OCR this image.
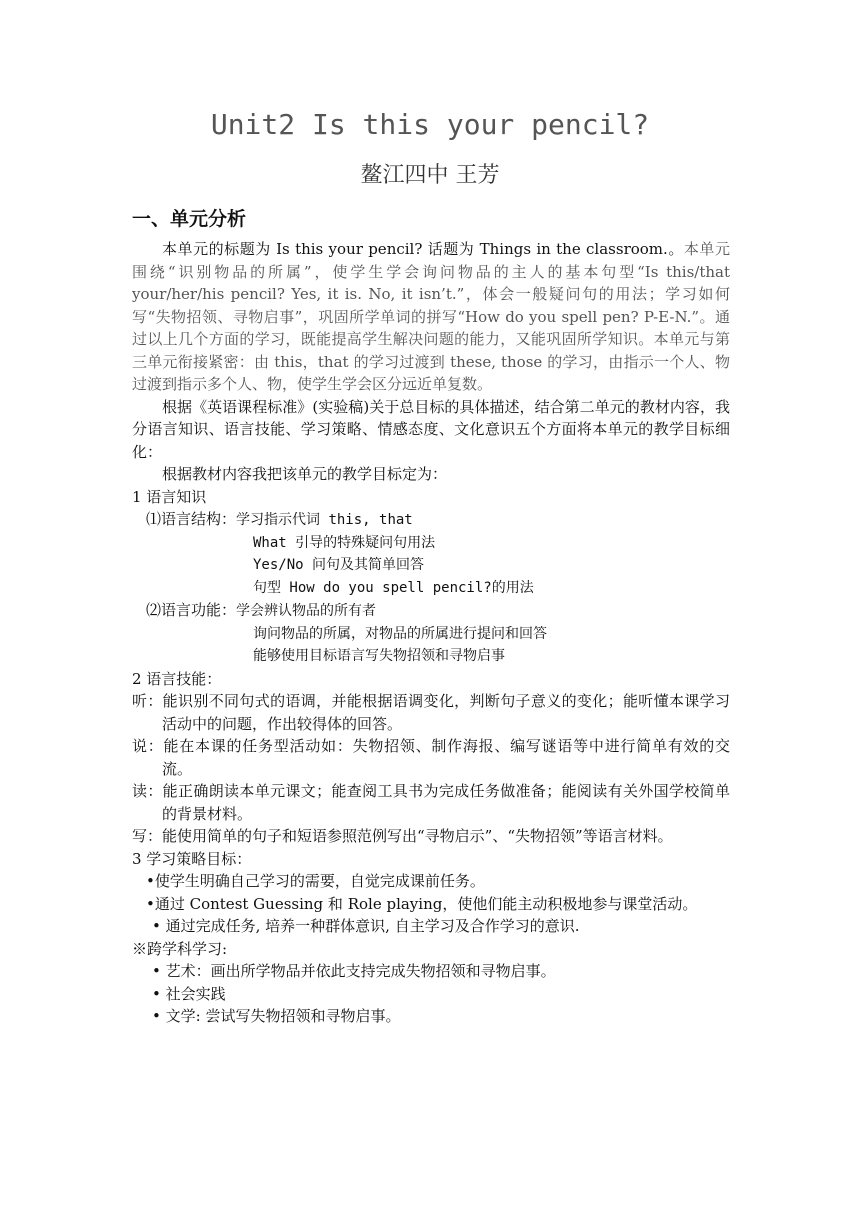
Unit2 Is this your pencil?
鳌江四中 王芳
一、单元分析

本单元的标题为 Is this your pencil? 话题为 Things in the classroom.。本单元围绕“识别物品的所属”，使学生学会询问物品的主人的基本句型“Is this/that your/her/his pencil? Yes, it is. No, it isn’t.”，体会一般疑问句的用法；学习如何写“失物招领、寻物启事”，巩固所学单词的拼写“How do you spell pen? P-E-N.”。通过以上几个方面的学习，既能提高学生解决问题的能力，又能巩固所学知识。本单元与第三单元衔接紧密：由 this，that 的学习过渡到 these, those 的学习，由指示一个人、物过渡到指示多个人、物，使学生学会区分远近单复数。

根据《英语课程标准》(实验稿)关于总目标的具体描述，结合第二单元的教材内容，我分语言知识、语言技能、学习策略、情感态度、文化意识五个方面将本单元的教学目标细化：

根据教材内容我把该单元的教学目标定为：

1 语言知识

⑴语言结构：学习指示代词 this, that

What 引导的特殊疑问句用法

Yes/No 问句及其简单回答

句型 How do you spell pencil?的用法

⑵语言功能：学会辨认物品的所有者

询问物品的所属，对物品的所属进行提问和回答

能够使用目标语言写失物招领和寻物启事

2 语言技能：

听：能识别不同句式的语调，并能根据语调变化，判断句子意义的变化；能听懂本课学习活动中的问题，作出较得体的回答。

说：能在本课的任务型活动如：失物招领、制作海报、编写谜语等中进行简单有效的交流。

读：能正确朗读本单元课文；能查阅工具书为完成任务做准备；能阅读有关外国学校简单的背景材料。

写：能使用简单的句子和短语参照范例写出“寻物启示”、“失物招领”等语言材料。

3 学习策略目标：

•使学生明确自己学习的需要，自觉完成课前任务。

•通过 Contest Guessing 和 Role playing，使他们能主动积极地参与课堂活动。

• 通过完成任务, 培养一种群体意识, 自主学习及合作学习的意识.

※跨学科学习:

• 艺术：画出所学物品并依此支持完成失物招领和寻物启事。

• 社会实践

• 文学: 尝试写失物招领和寻物启事。
